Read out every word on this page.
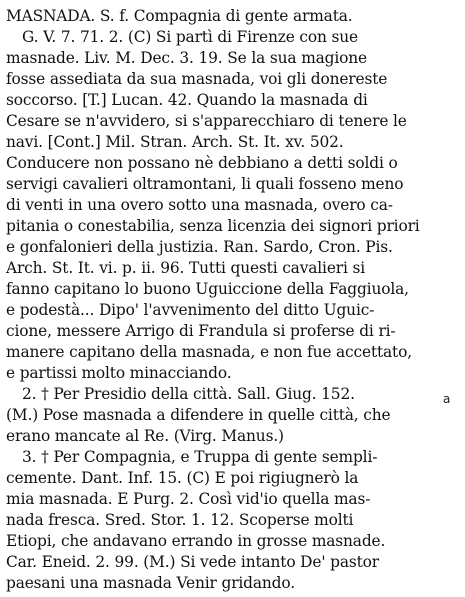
MASNADA. S. f. Compagnia di gente armata.
G. V. 7. 71. 2. (C) Si partì di Firenze con sue
masnade. Liv. M. Dec. 3. 19. Se la sua magione
fosse assediata da sua masnada, voi gli donereste
soccorso. [T.] Lucan. 42. Quando la masnada di
Cesare se n'avvidero, si s'apparecchiaro di tenere le
navi. [Cont.] Mil. Stran. Arch. St. It. xv. 502.
Conducere non possano nè debbiano a detti soldi o
servigi cavalieri oltramontani, li quali fosseno meno
di venti in una overo sotto una masnada, overo ca-
pitania o conestabilia, senza licenzia dei signori priori
e gonfalonieri della justizia. Ran. Sardo, Cron. Pis.
Arch. St. It. vi. p. ii. 96. Tutti questi cavalieri si
fanno capitano lo buono Uguiccione della Faggiuola,
e podestà... Dipo' l'avvenimento del ditto Uguic-
cione, messere Arrigo di Frandula si proferse di ri-
manere capitano della masnada, e non fue accettato,
e partissi molto minacciando.
2. † Per Presidio della città. Sall. Giug. 152.
(M.) Pose masnada a difendere in quelle città, che
erano mancate al Re. (Virg. Manus.)
3. † Per Compagnia, e Truppa di gente sempli-
cemente. Dant. Inf. 15. (C) E poi rigiugnerò la
mia masnada. E Purg. 2. Così vid'io quella mas-
nada fresca. Sred. Stor. 1. 12. Scoperse molti
Etiopi, che andavano errando in grosse masnade.
Car. Eneid. 2. 99. (M.) Si vede intanto De' pastor
paesani una masnada Venir gridando.
a
